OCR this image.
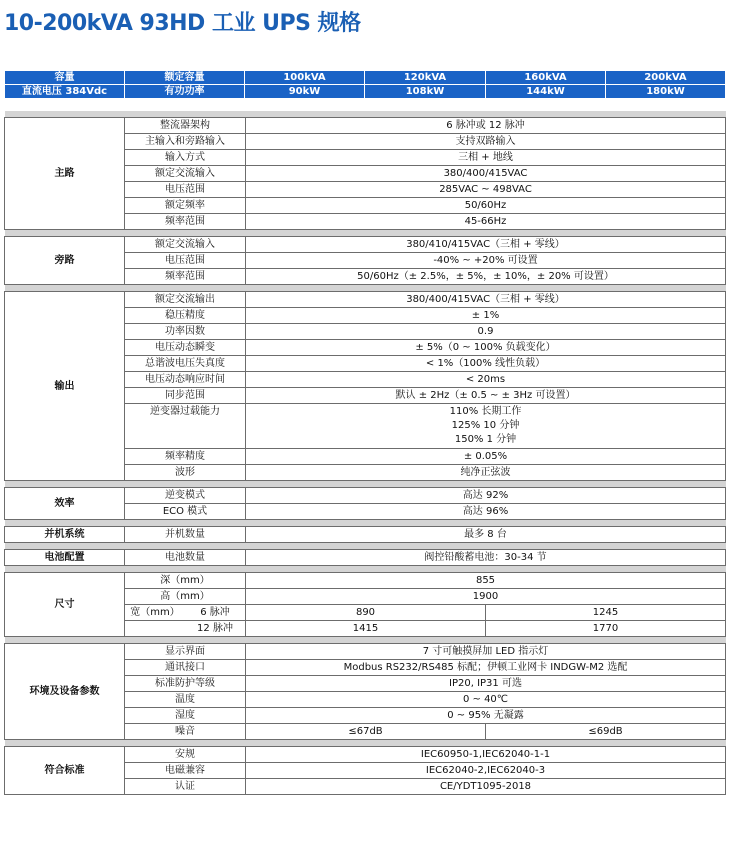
10-200kVA 93HD 工业 UPS 规格
容量	额定容量	100kVA	120kVA	160kVA	200kVA
直流电压 384Vdc	有功功率	90kW	108kW	144kW	180kW

主路	整流器架构	6 脉冲或 12 脉冲	
	主输入和旁路输入	支持双路输入	
	输入方式	三相 + 地线	
	额定交流输入	380/400/415VAC	
	电压范围	285VAC ~ 498VAC	
	额定频率	50/60Hz	
	频率范围	45-66Hz	

旁路	额定交流输入	380/410/415VAC（三相 + 零线）	
	电压范围	-40% ~ +20% 可设置	
	频率范围	50/60Hz（± 2.5%，± 5%，± 10%，± 20% 可设置）	

输出	额定交流输出	380/400/415VAC（三相 + 零线）	
	稳压精度	± 1%	
	功率因数	0.9	
	电压动态瞬变	± 5%（0 ~ 100% 负载变化）	
	总谐波电压失真度	< 1%（100% 线性负载）	
	电压动态响应时间	< 20ms	
	同步范围	默认 ± 2Hz（± 0.5 ~ ± 3Hz 可设置）	
	逆变器过载能力	110% 长期工作
125% 10 分钟
150% 1 分钟	

	频率精度	± 0.05%	
	波形	纯净正弦波	

效率	逆变模式	高达 92%	
	ECO 模式	高达 96%	

并机系统	并机数量	最多 8 台	

电池配置	电池数量	阀控铅酸蓄电池：30-34 节	

尺寸	深（mm）	855	
	高（mm）	1900	

	宽（mm） 6 脉冲	890	1245

	12 脉冲	1415	1770

环境及设备参数	显示界面	7 寸可触摸屏加 LED 指示灯	
	通讯接口	Modbus RS232/RS485 标配；伊顿工业网卡 INDGW-M2 选配	
	标准防护等级	IP20, IP31 可选	
	温度	0 ~ 40℃	
	湿度	0 ~ 95% 无凝露	
	噪音	≤67dB	≤69dB

符合标准	安规	IEC60950-1,IEC62040-1-1	
	电磁兼容	IEC62040-2,IEC62040-3	
	认证	CE/YDT1095-2018	
